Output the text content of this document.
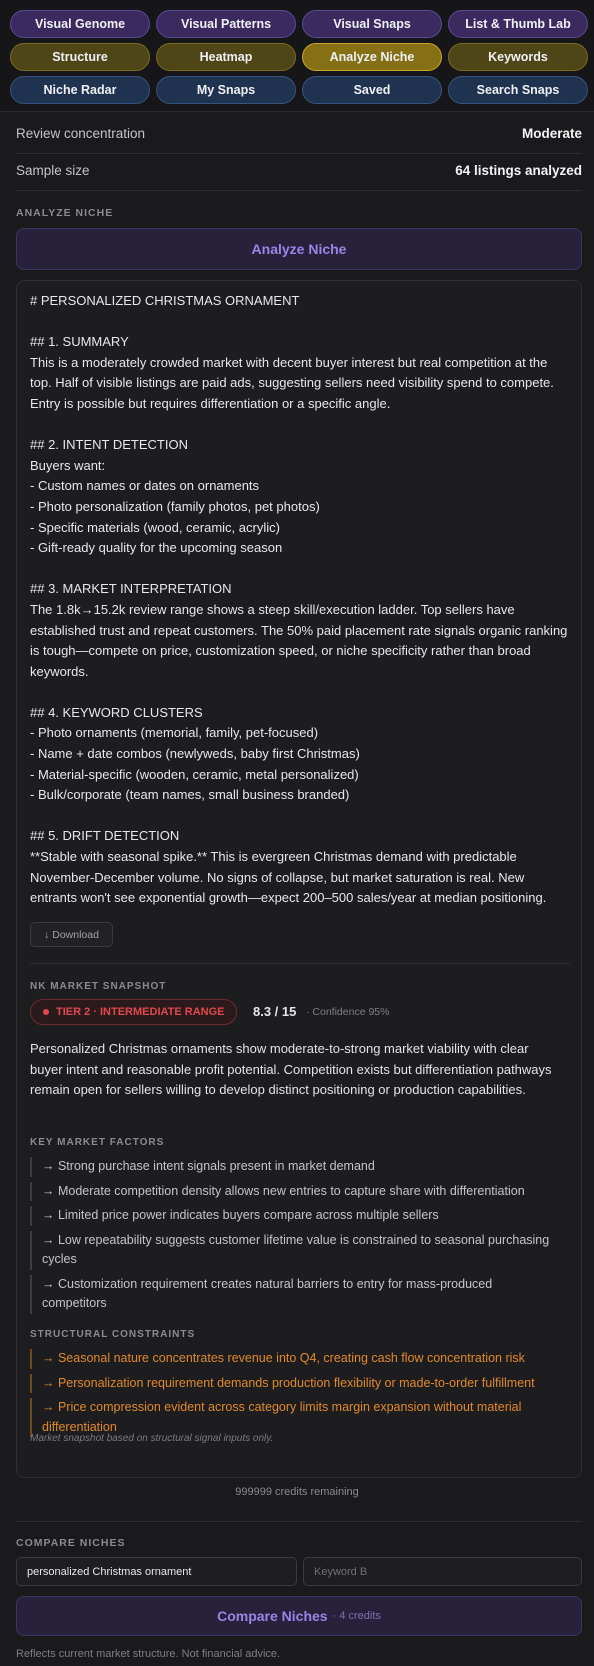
Visual Genome	Visual Patterns	Visual Snaps	List & Thumb Lab
Structure	Heatmap	Analyze Niche	Keywords
Niche Radar	My Snaps	Saved	Search Snaps
Review concentration	Moderate
Sample size	64 listings analyzed
ANALYZE NICHE
Analyze Niche
# PERSONALIZED CHRISTMAS ORNAMENT

## 1. SUMMARY
This is a moderately crowded market with decent buyer interest but real competition at the top. Half of visible listings are paid ads, suggesting sellers need visibility spend to compete. Entry is possible but requires differentiation or a specific angle.

## 2. INTENT DETECTION
Buyers want:
- Custom names or dates on ornaments
- Photo personalization (family photos, pet photos)
- Specific materials (wood, ceramic, acrylic)
- Gift-ready quality for the upcoming season

## 3. MARKET INTERPRETATION
The 1.8k→15.2k review range shows a steep skill/execution ladder. Top sellers have established trust and repeat customers. The 50% paid placement rate signals organic ranking is tough—compete on price, customization speed, or niche specificity rather than broad keywords.

## 4. KEYWORD CLUSTERS
- Photo ornaments (memorial, family, pet-focused)
- Name + date combos (newlyweds, baby first Christmas)
- Material-specific (wooden, ceramic, metal personalized)
- Bulk/corporate (team names, small business branded)

## 5. DRIFT DETECTION
**Stable with seasonal spike.** This is evergreen Christmas demand with predictable November-December volume. No signs of collapse, but market saturation is real. New entrants won't see exponential growth—expect 200–500 sales/year at median positioning.
↓ Download
NK MARKET SNAPSHOT
TIER 2 · INTERMEDIATE RANGE 8.3 / 15 · Confidence 95%
Personalized Christmas ornaments show moderate-to-strong market viability with clear buyer intent and reasonable profit potential. Competition exists but differentiation pathways remain open for sellers willing to develop distinct positioning or production capabilities.
KEY MARKET FACTORS
→ Strong purchase intent signals present in market demand
→ Moderate competition density allows new entries to capture share with differentiation
→ Limited price power indicates buyers compare across multiple sellers
→ Low repeatability suggests customer lifetime value is constrained to seasonal purchasing cycles
→ Customization requirement creates natural barriers to entry for mass-produced competitors
STRUCTURAL CONSTRAINTS
→ Seasonal nature concentrates revenue into Q4, creating cash flow concentration risk
→ Personalization requirement demands production flexibility or made-to-order fulfillment
→ Price compression evident across category limits margin expansion without material differentiation
Market snapshot based on structural signal inputs only.
999999 credits remaining
COMPARE NICHES
personalized Christmas ornament
Keyword B
Compare Niches · 4 credits
Reflects current market structure. Not financial advice.
